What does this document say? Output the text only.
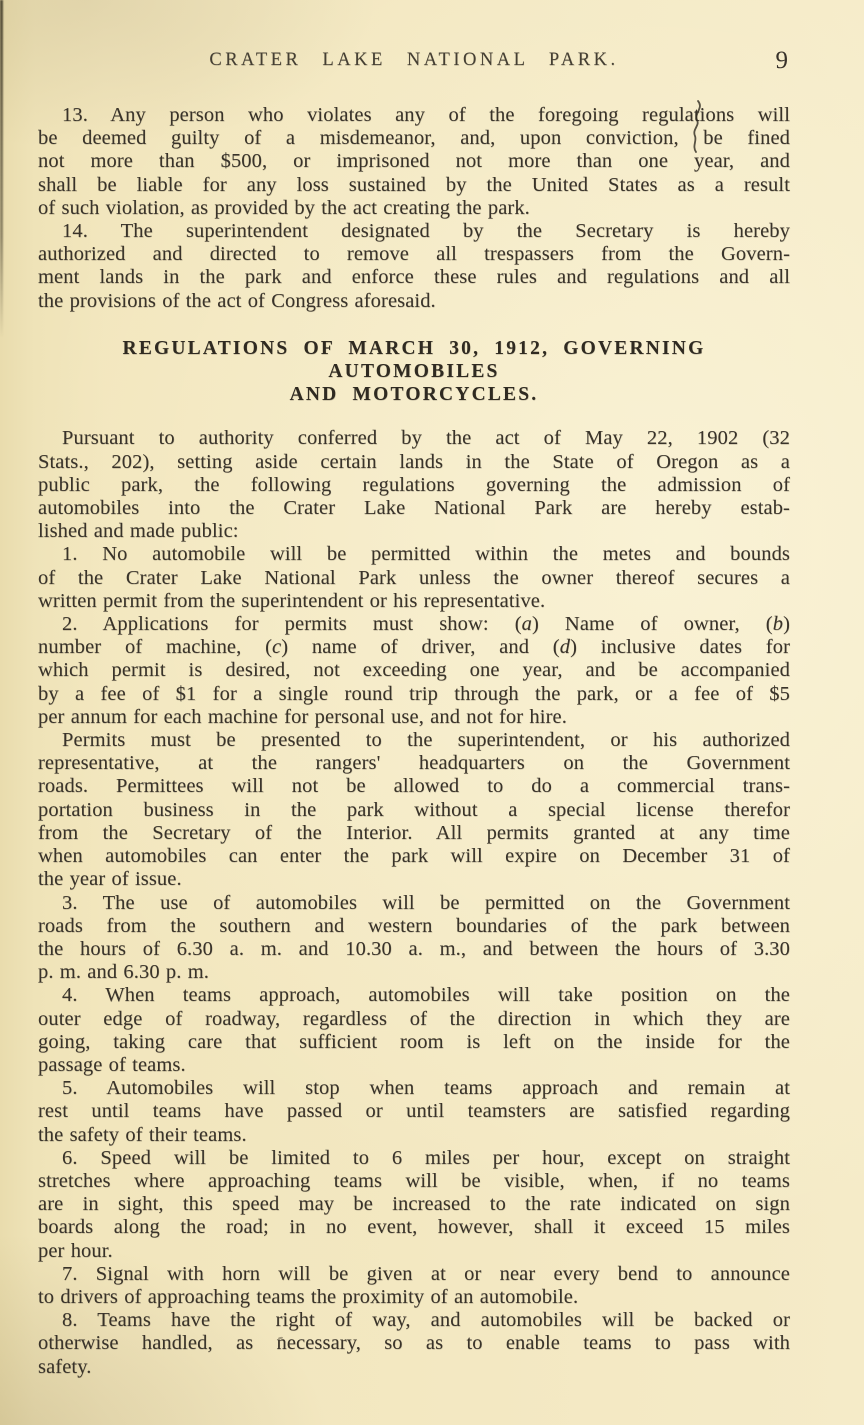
CRATER LAKE NATIONAL PARK.	9
13. Any person who violates any of the foregoing regulations will
be deemed guilty of a misdemeanor, and, upon conviction, be fined
not more than $500, or imprisoned not more than one year, and
shall be liable for any loss sustained by the United States as a result
of such violation, as provided by the act creating the park.
14. The superintendent designated by the Secretary is hereby
authorized and directed to remove all trespassers from the Govern-
ment lands in the park and enforce these rules and regulations and all
the provisions of the act of Congress aforesaid.
REGULATIONS OF MARCH 30, 1912, GOVERNING AUTOMOBILES
AND MOTORCYCLES.
Pursuant to authority conferred by the act of May 22, 1902 (32
Stats., 202), setting aside certain lands in the State of Oregon as a
public park, the following regulations governing the admission of
automobiles into the Crater Lake National Park are hereby estab-
lished and made public:
1. No automobile will be permitted within the metes and bounds
of the Crater Lake National Park unless the owner thereof secures a
written permit from the superintendent or his representative.
2. Applications for permits must show: (a) Name of owner, (b)
number of machine, (c) name of driver, and (d) inclusive dates for
which permit is desired, not exceeding one year, and be accompanied
by a fee of $1 for a single round trip through the park, or a fee of $5
per annum for each machine for personal use, and not for hire.
Permits must be presented to the superintendent, or his authorized
representative, at the rangers' headquarters on the Government
roads. Permittees will not be allowed to do a commercial trans-
portation business in the park without a special license therefor
from the Secretary of the Interior. All permits granted at any time
when automobiles can enter the park will expire on December 31 of
the year of issue.
3. The use of automobiles will be permitted on the Government
roads from the southern and western boundaries of the park between
the hours of 6.30 a. m. and 10.30 a. m., and between the hours of 3.30
p. m. and 6.30 p. m.
4. When teams approach, automobiles will take position on the
outer edge of roadway, regardless of the direction in which they are
going, taking care that sufficient room is left on the inside for the
passage of teams.
5. Automobiles will stop when teams approach and remain at
rest until teams have passed or until teamsters are satisfied regarding
the safety of their teams.
6. Speed will be limited to 6 miles per hour, except on straight
stretches where approaching teams will be visible, when, if no teams
are in sight, this speed may be increased to the rate indicated on sign
boards along the road; in no event, however, shall it exceed 15 miles
per hour.
7. Signal with horn will be given at or near every bend to announce
to drivers of approaching teams the proximity of an automobile.
8. Teams have the right of way, and automobiles will be backed or
otherwise handled, as necessary, so as to enable teams to pass with
safety.
